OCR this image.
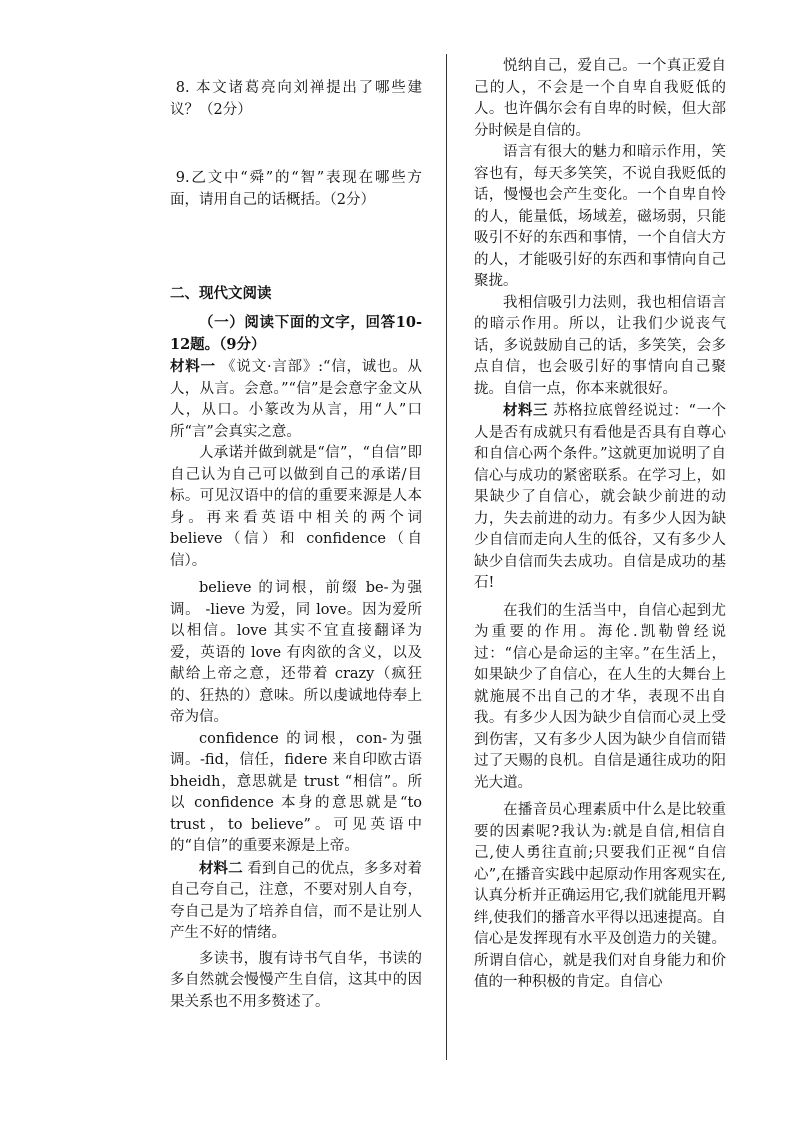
8. 本文诸葛亮向刘禅提出了哪些建议？（2分）

9.乙文中“舜”的“智”表现在哪些方面，请用自己的话概括。（2分）

二、现代文阅读

（一）阅读下面的文字，回答10-12题。（9分）

材料一 《说文·言部》:“信，诚也。从人，从言。会意。”“信”是会意字金文从人，从口。小篆改为从言，用“人”口所“言”会真实之意。

人承诺并做到就是“信”，“自信”即自己认为自己可以做到自己的承诺/目标。可见汉语中的信的重要来源是人本身。再来看英语中相关的两个词 believe（信）和 confidence（自信）。

believe 的词根，前缀 be-为强调。 -lieve 为爱，同 love。因为爱所以相信。love 其实不宜直接翻译为爱，英语的 love 有肉欲的含义，以及献给上帝之意，还带着 crazy（疯狂的、狂热的）意味。所以虔诚地侍奉上帝为信。

confidence 的词根，con-为强调。-fid，信任，fidere 来自印欧古语 bheidh，意思就是 trust “相信”。所以 confidence 本身的意思就是“to trust，to believe”。可见英语中的“自信”的重要来源是上帝。

材料二 看到自己的优点，多多对着自己夸自己，注意，不要对别人自夸，夸自己是为了培养自信，而不是让别人产生不好的情绪。

多读书，腹有诗书气自华，书读的多自然就会慢慢产生自信，这其中的因果关系也不用多赘述了。

悦纳自己，爱自己。一个真正爱自己的人，不会是一个自卑自我贬低的人。也许偶尔会有自卑的时候，但大部分时候是自信的。

语言有很大的魅力和暗示作用，笑容也有，每天多笑笑，不说自我贬低的话，慢慢也会产生变化。一个自卑自怜的人，能量低，场域差，磁场弱，只能吸引不好的东西和事情，一个自信大方的人，才能吸引好的东西和事情向自己聚拢。

我相信吸引力法则，我也相信语言的暗示作用。所以，让我们少说丧气话，多说鼓励自己的话，多笑笑，会多点自信，也会吸引好的事情向自己聚拢。自信一点，你本来就很好。

材料三 苏格拉底曾经说过：“一个人是否有成就只有看他是否具有自尊心和自信心两个条件。”这就更加说明了自信心与成功的紧密联系。在学习上，如果缺少了自信心，就会缺少前进的动力，失去前进的动力。有多少人因为缺少自信而走向人生的低谷，又有多少人缺少自信而失去成功。自信是成功的基石!

在我们的生活当中，自信心起到尤为重要的作用。海伦.凯勒曾经说过：“信心是命运的主宰。”在生活上，如果缺少了自信心，在人生的大舞台上就施展不出自己的才华，表现不出自我。有多少人因为缺少自信而心灵上受到伤害，又有多少人因为缺少自信而错过了天赐的良机。自信是通往成功的阳光大道。

在播音员心理素质中什么是比较重要的因素呢?我认为:就是自信,相信自己,使人勇往直前;只要我们正视“自信心”,在播音实践中起原动作用客观实在,认真分析并正确运用它,我们就能甩开羁绊,使我们的播音水平得以迅速提高。自信心是发挥现有水平及创造力的关键。所谓自信心，就是我们对自身能力和价值的一种积极的肯定。自信心
